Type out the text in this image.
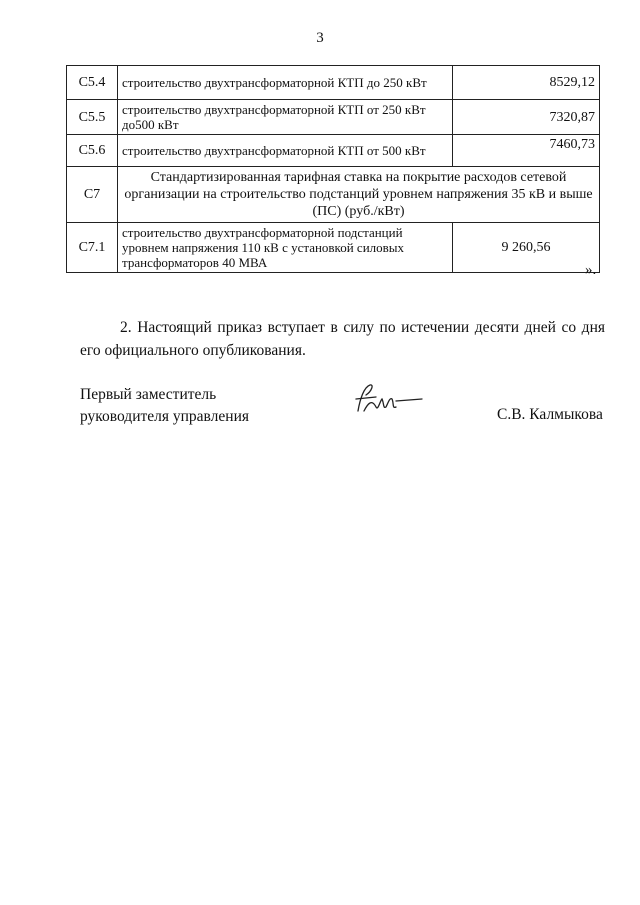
3
С5.4	строительство двухтрансформаторной КТП до 250 кВт	8529,12
С5.5	строительство двухтрансформаторной КТП от 250 кВт до500 кВт	7320,87
С5.6	строительство двухтрансформаторной КТП от 500 кВт	7460,73
С7	Стандартизированная тарифная ставка на покрытие расходов сетевой организации на строительство подстанций уровнем напряжения 35 кВ и выше (ПС) (руб./кВт)	
С7.1	строительство двухтрансформаторной подстанций уровнем напряжения 110 кВ с установкой силовых трансформаторов 40 МВА	9 260,56
».
2. Настоящий приказ вступает в силу по истечении десяти дней со дня его официального опубликования.
Первый заместитель
руководителя управления	С.В. Калмыкова
